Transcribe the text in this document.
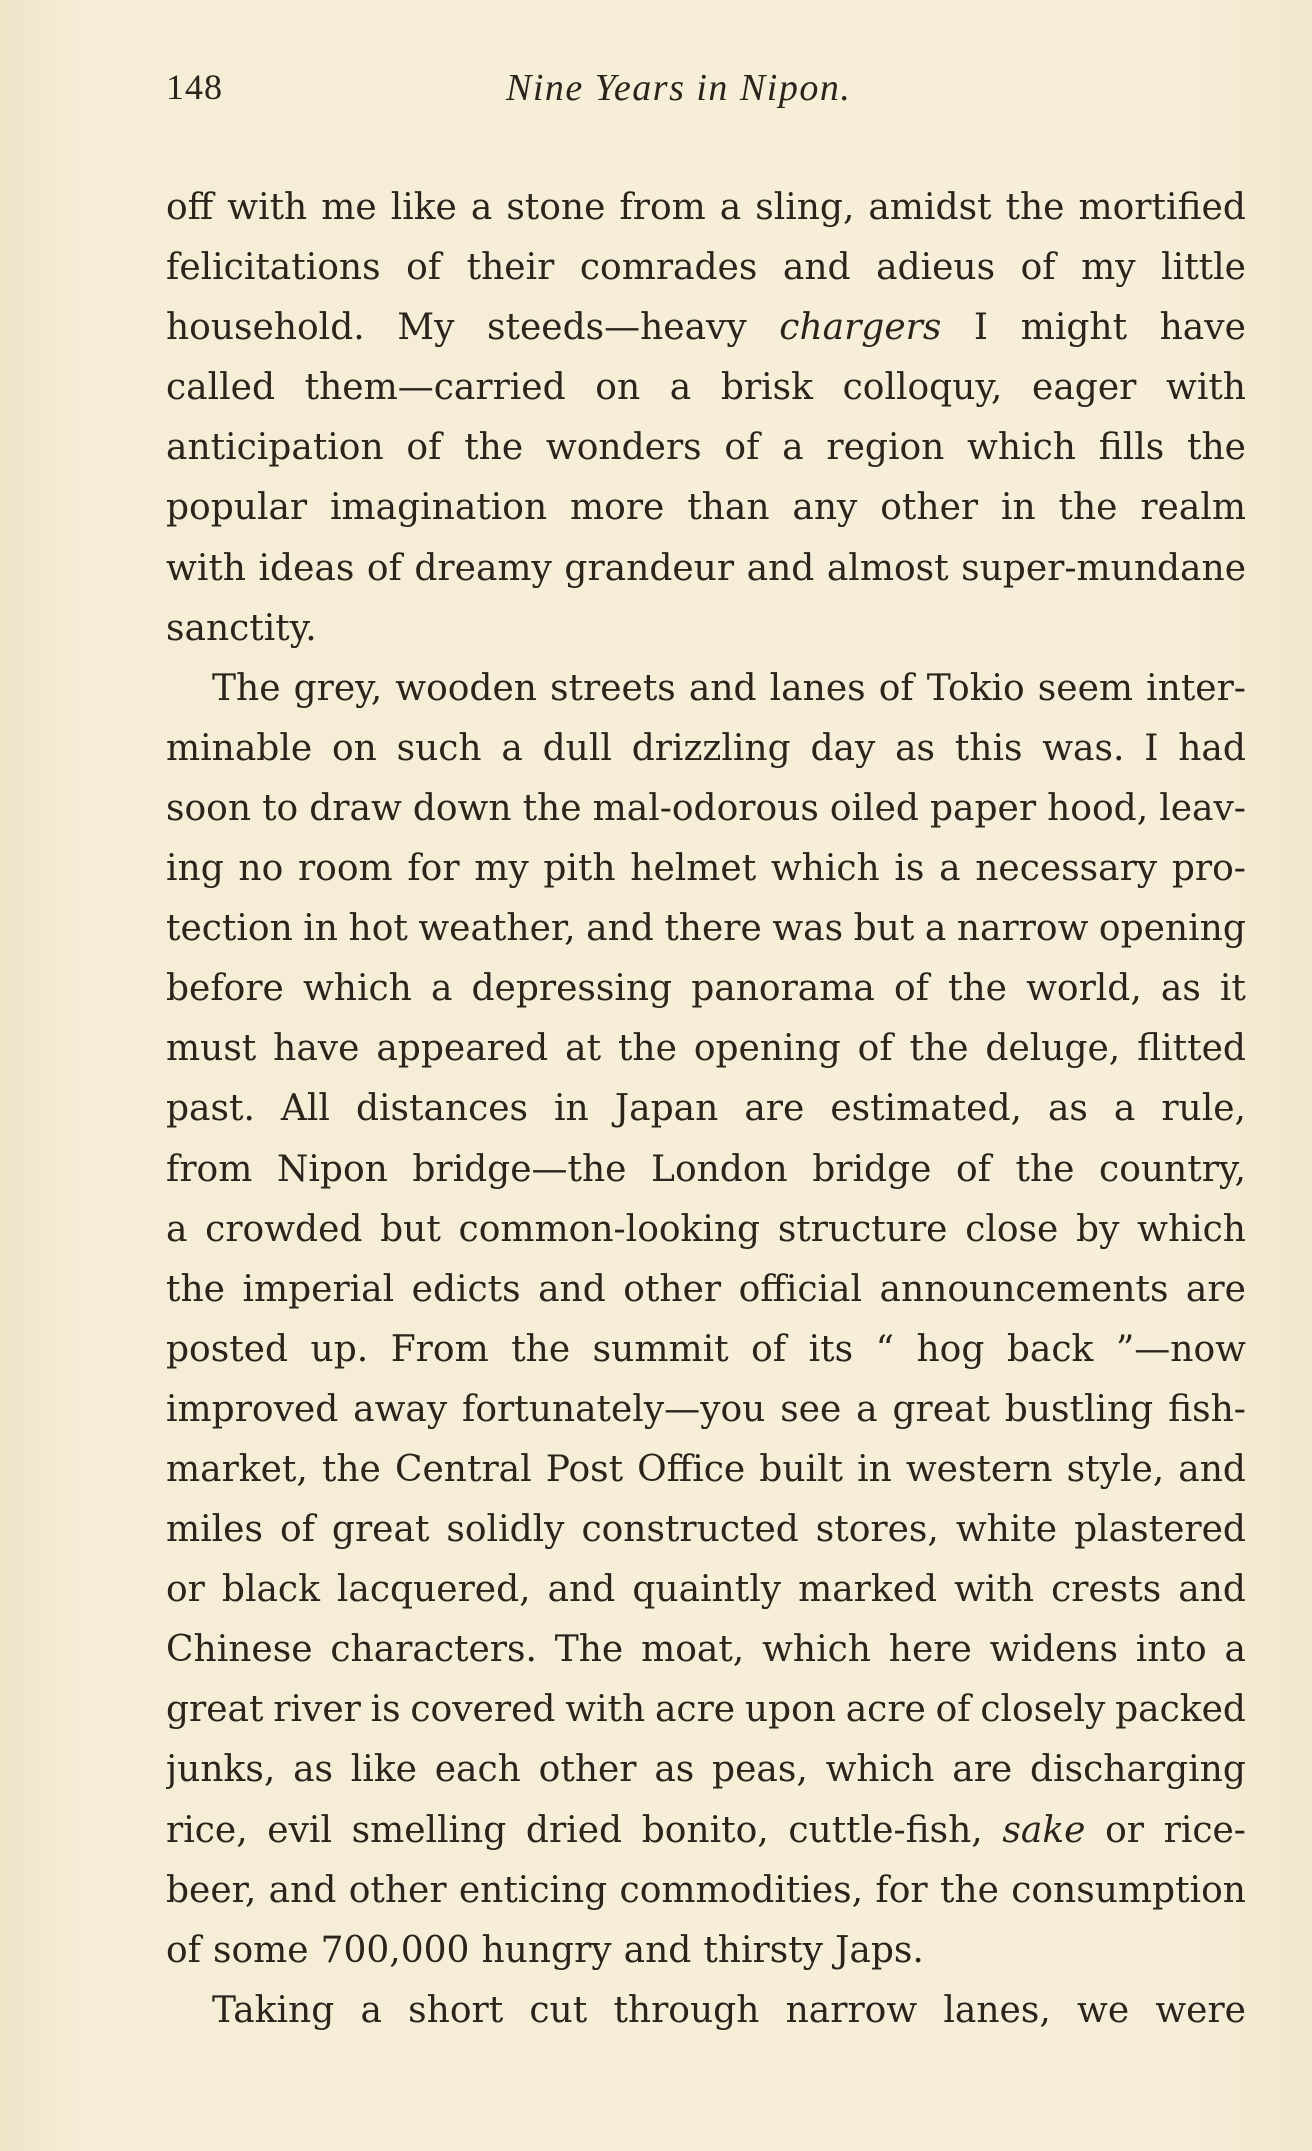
148	Nine Years in Nipon.
off with me like a stone from a sling, amidst the mortified
felicitations of their comrades and adieus of my little
household. My steeds—heavy chargers I might have
called them—carried on a brisk colloquy, eager with
anticipation of the wonders of a region which fills the
popular imagination more than any other in the realm
with ideas of dreamy grandeur and almost super-mundane
sanctity.
The grey, wooden streets and lanes of Tokio seem inter-
minable on such a dull drizzling day as this was. I had
soon to draw down the mal-odorous oiled paper hood, leav-
ing no room for my pith helmet which is a necessary pro-
tection in hot weather, and there was but a narrow opening
before which a depressing panorama of the world, as it
must have appeared at the opening of the deluge, flitted
past. All distances in Japan are estimated, as a rule,
from Nipon bridge—the London bridge of the country,
a crowded but common-looking structure close by which
the imperial edicts and other official announcements are
posted up. From the summit of its “ hog back ”—now
improved away fortunately—you see a great bustling fish-
market, the Central Post Office built in western style, and
miles of great solidly constructed stores, white plastered
or black lacquered, and quaintly marked with crests and
Chinese characters. The moat, which here widens into a
great river is covered with acre upon acre of closely packed
junks, as like each other as peas, which are discharging
rice, evil smelling dried bonito, cuttle-fish, sake or rice-
beer, and other enticing commodities, for the consumption
of some 700,000 hungry and thirsty Japs.
Taking a short cut through narrow lanes, we were
